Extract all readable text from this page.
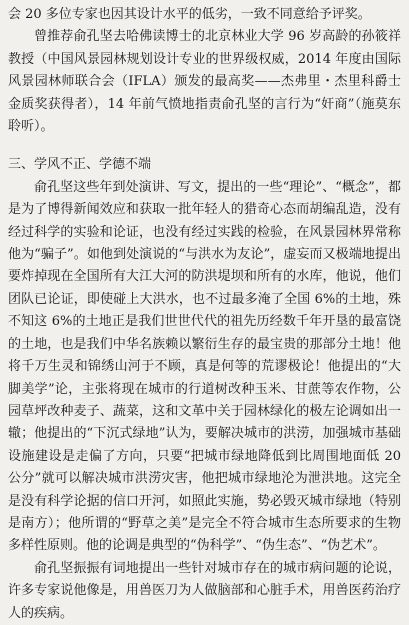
会 20 多位专家也因其设计水平的低劣，一致不同意给予评奖。

曾推荐俞孔坚去哈佛读博士的北京林业大学 96 岁高龄的孙筱祥教授（中国风景园林规划设计专业的世界级权威，2014 年度由国际风景园林师联合会（IFLA）颁发的最高奖——杰弗里・杰里科爵士金质奖获得者），14 年前气愤地指责俞孔坚的言行为“奸商”（施莫东聆听）。

三、学风不正、学德不端

俞孔坚这些年到处演讲、写文，提出的一些“理论”、“概念”，都是为了博得新闻效应和获取一批年轻人的猎奇心态而胡编乱造，没有经过科学的实验和论证，也没有经过实践的检验，在风景园林界常称他为“骗子”。如他到处演说的“与洪水为友论”，虚妄而又极端地提出要炸掉现在全国所有大江大河的防洪堤坝和所有的水库，他说，他们团队已论证，即使碰上大洪水，也不过最多淹了全国 6%的土地，殊不知这 6%的土地正是我们世世代代的祖先历经数千年开垦的最富饶的土地，也是我们中华名族赖以繁衍生存的最宝贵的那部分土地！他将千万生灵和锦绣山河于不顾，真是何等的荒谬极论！他提出的“大脚美学”论，主张将现在城市的行道树改种玉米、甘蔗等农作物，公园草坪改种麦子、蔬菜，这和文革中关于园林绿化的极左论调如出一辙；他提出的“下沉式绿地”认为，要解决城市的洪涝，加强城市基础设施建设是走偏了方向，只要“把城市绿地降低到比周围地面低 20 公分”就可以解决城市洪涝灾害，他把城市绿地沦为泄洪地。这完全是没有科学论据的信口开河，如照此实施，势必毁灭城市绿地（特别是南方）；他所谓的“野草之美”是完全不符合城市生态所要求的生物多样性原则。他的论调是典型的“伪科学”、“伪生态”、“伪艺术”。

俞孔坚振振有词地提出一些针对城市存在的城市病问题的论说，许多专家说他像是，用兽医刀为人做脑部和心脏手术，用兽医药治疗人的疾病。
